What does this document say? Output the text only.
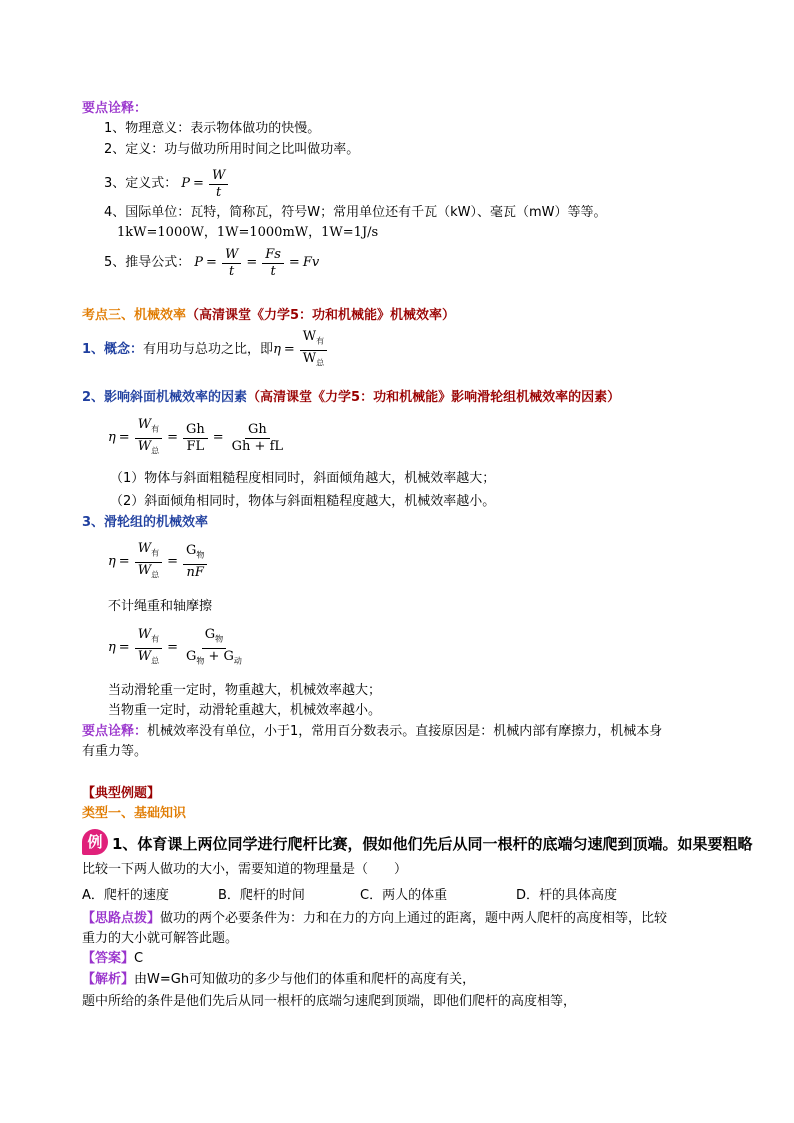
要点诠释：
1、物理意义：表示物体做功的快慢。
2、定义：功与做功所用时间之比叫做功率。
3、定义式： $P = \frac{W}{t}$
4、国际单位：瓦特，简称瓦，符号W；常用单位还有千瓦（kW）、毫瓦（mW）等等。
1kW=1000W，1W=1000mW，1W=1J/s
5、推导公式： $P = \frac{W}{t} = \frac{Fs}{t} = Fv$
考点三、机械效率（高清课堂《力学5：功和机械能》机械效率）
1、概念： 有用功与总功之比，即 $\eta = \frac{W_有}{W_总}$
2、影响斜面机械效率的因素（高清课堂《力学5：功和机械能》影响滑轮组机械效率的因素）
$\eta = \frac{W_有}{W_总} = \frac{Gh}{FL} = \frac{Gh}{Gh + fL}$
（1）物体与斜面粗糙程度相同时，斜面倾角越大，机械效率越大；
（2）斜面倾角相同时，物体与斜面粗糙程度越大，机械效率越小。
3、滑轮组的机械效率
$\eta = \frac{W_有}{W_总} = \frac{G_物}{nF}$
不计绳重和轴摩擦
$\eta = \frac{W_有}{W_总} = \frac{G_物}{G_物 + G_动}$
当动滑轮重一定时，物重越大，机械效率越大；
当物重一定时，动滑轮重越大，机械效率越小。
要点诠释：机械效率没有单位，小于1，常用百分数表示。直接原因是：机械内部有摩擦力，机械本身
有重力等。
【典型例题】
类型一、基础知识
例 1、体育课上两位同学进行爬杆比赛，假如他们先后从同一根杆的底端匀速爬到顶端。如果要粗略
比较一下两人做功的大小，需要知道的物理量是（　　）
A．爬杆的速度	B．爬杆的时间	C．两人的体重	D．杆的具体高度
【思路点拨】做功的两个必要条件为：力和在力的方向上通过的距离，题中两人爬杆的高度相等，比较
重力的大小就可解答此题。
【答案】C
【解析】由W=Gh可知做功的多少与他们的体重和爬杆的高度有关，
题中所给的条件是他们先后从同一根杆的底端匀速爬到顶端，即他们爬杆的高度相等，
